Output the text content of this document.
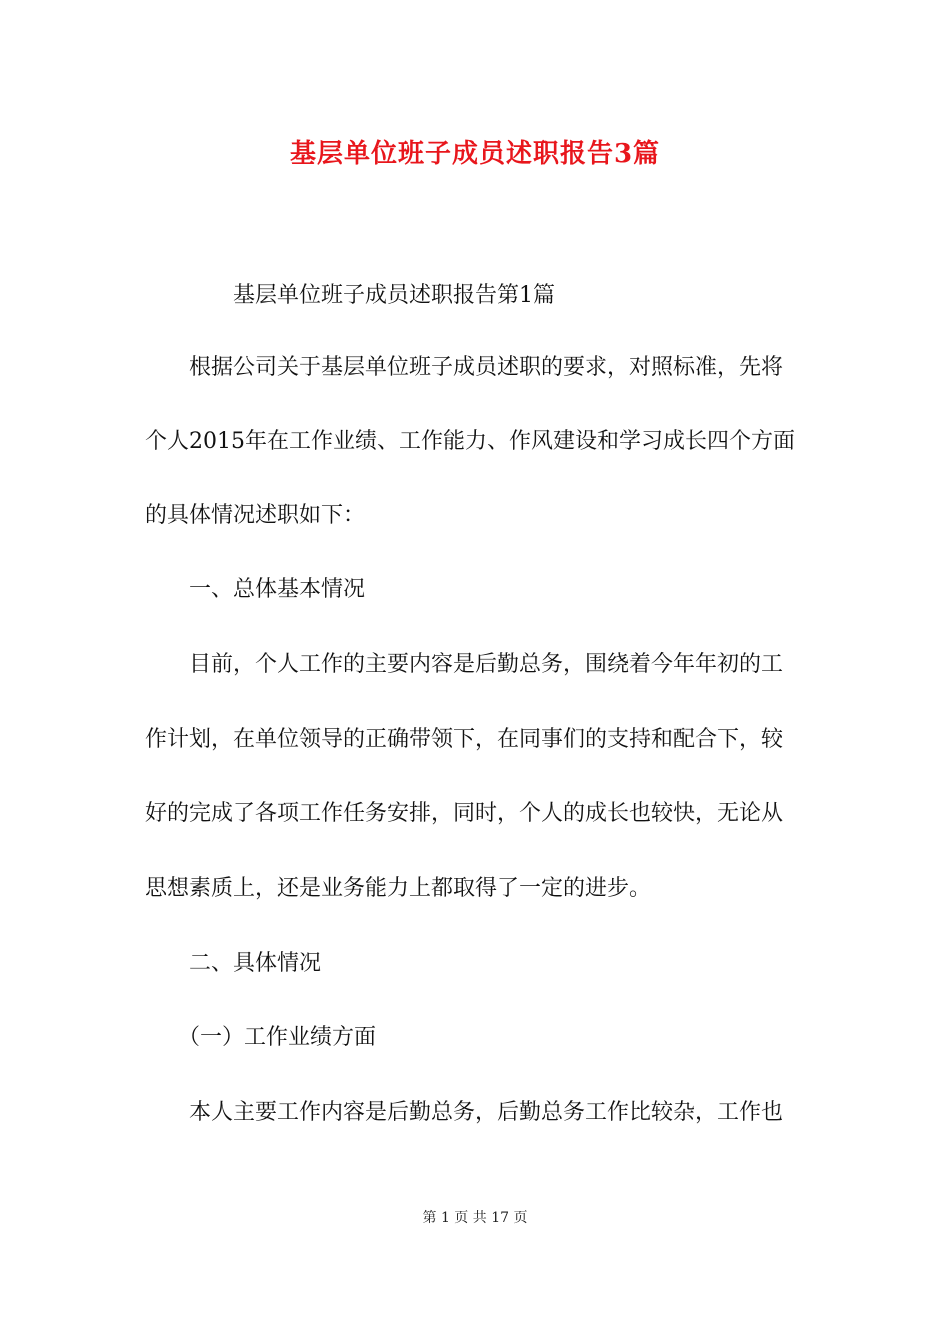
基层单位班子成员述职报告3篇
基层单位班子成员述职报告第1篇
根据公司关于基层单位班子成员述职的要求，对照标准，先将
个人2015年在工作业绩、工作能力、作风建设和学习成长四个方面
的具体情况述职如下：
一、总体基本情况
目前，个人工作的主要内容是后勤总务，围绕着今年年初的工
作计划，在单位领导的正确带领下，在同事们的支持和配合下，较
好的完成了各项工作任务安排，同时，个人的成长也较快，无论从
思想素质上，还是业务能力上都取得了一定的进步。
二、具体情况
（一）工作业绩方面
本人主要工作内容是后勤总务，后勤总务工作比较杂，工作也
第 1 页 共 17 页
